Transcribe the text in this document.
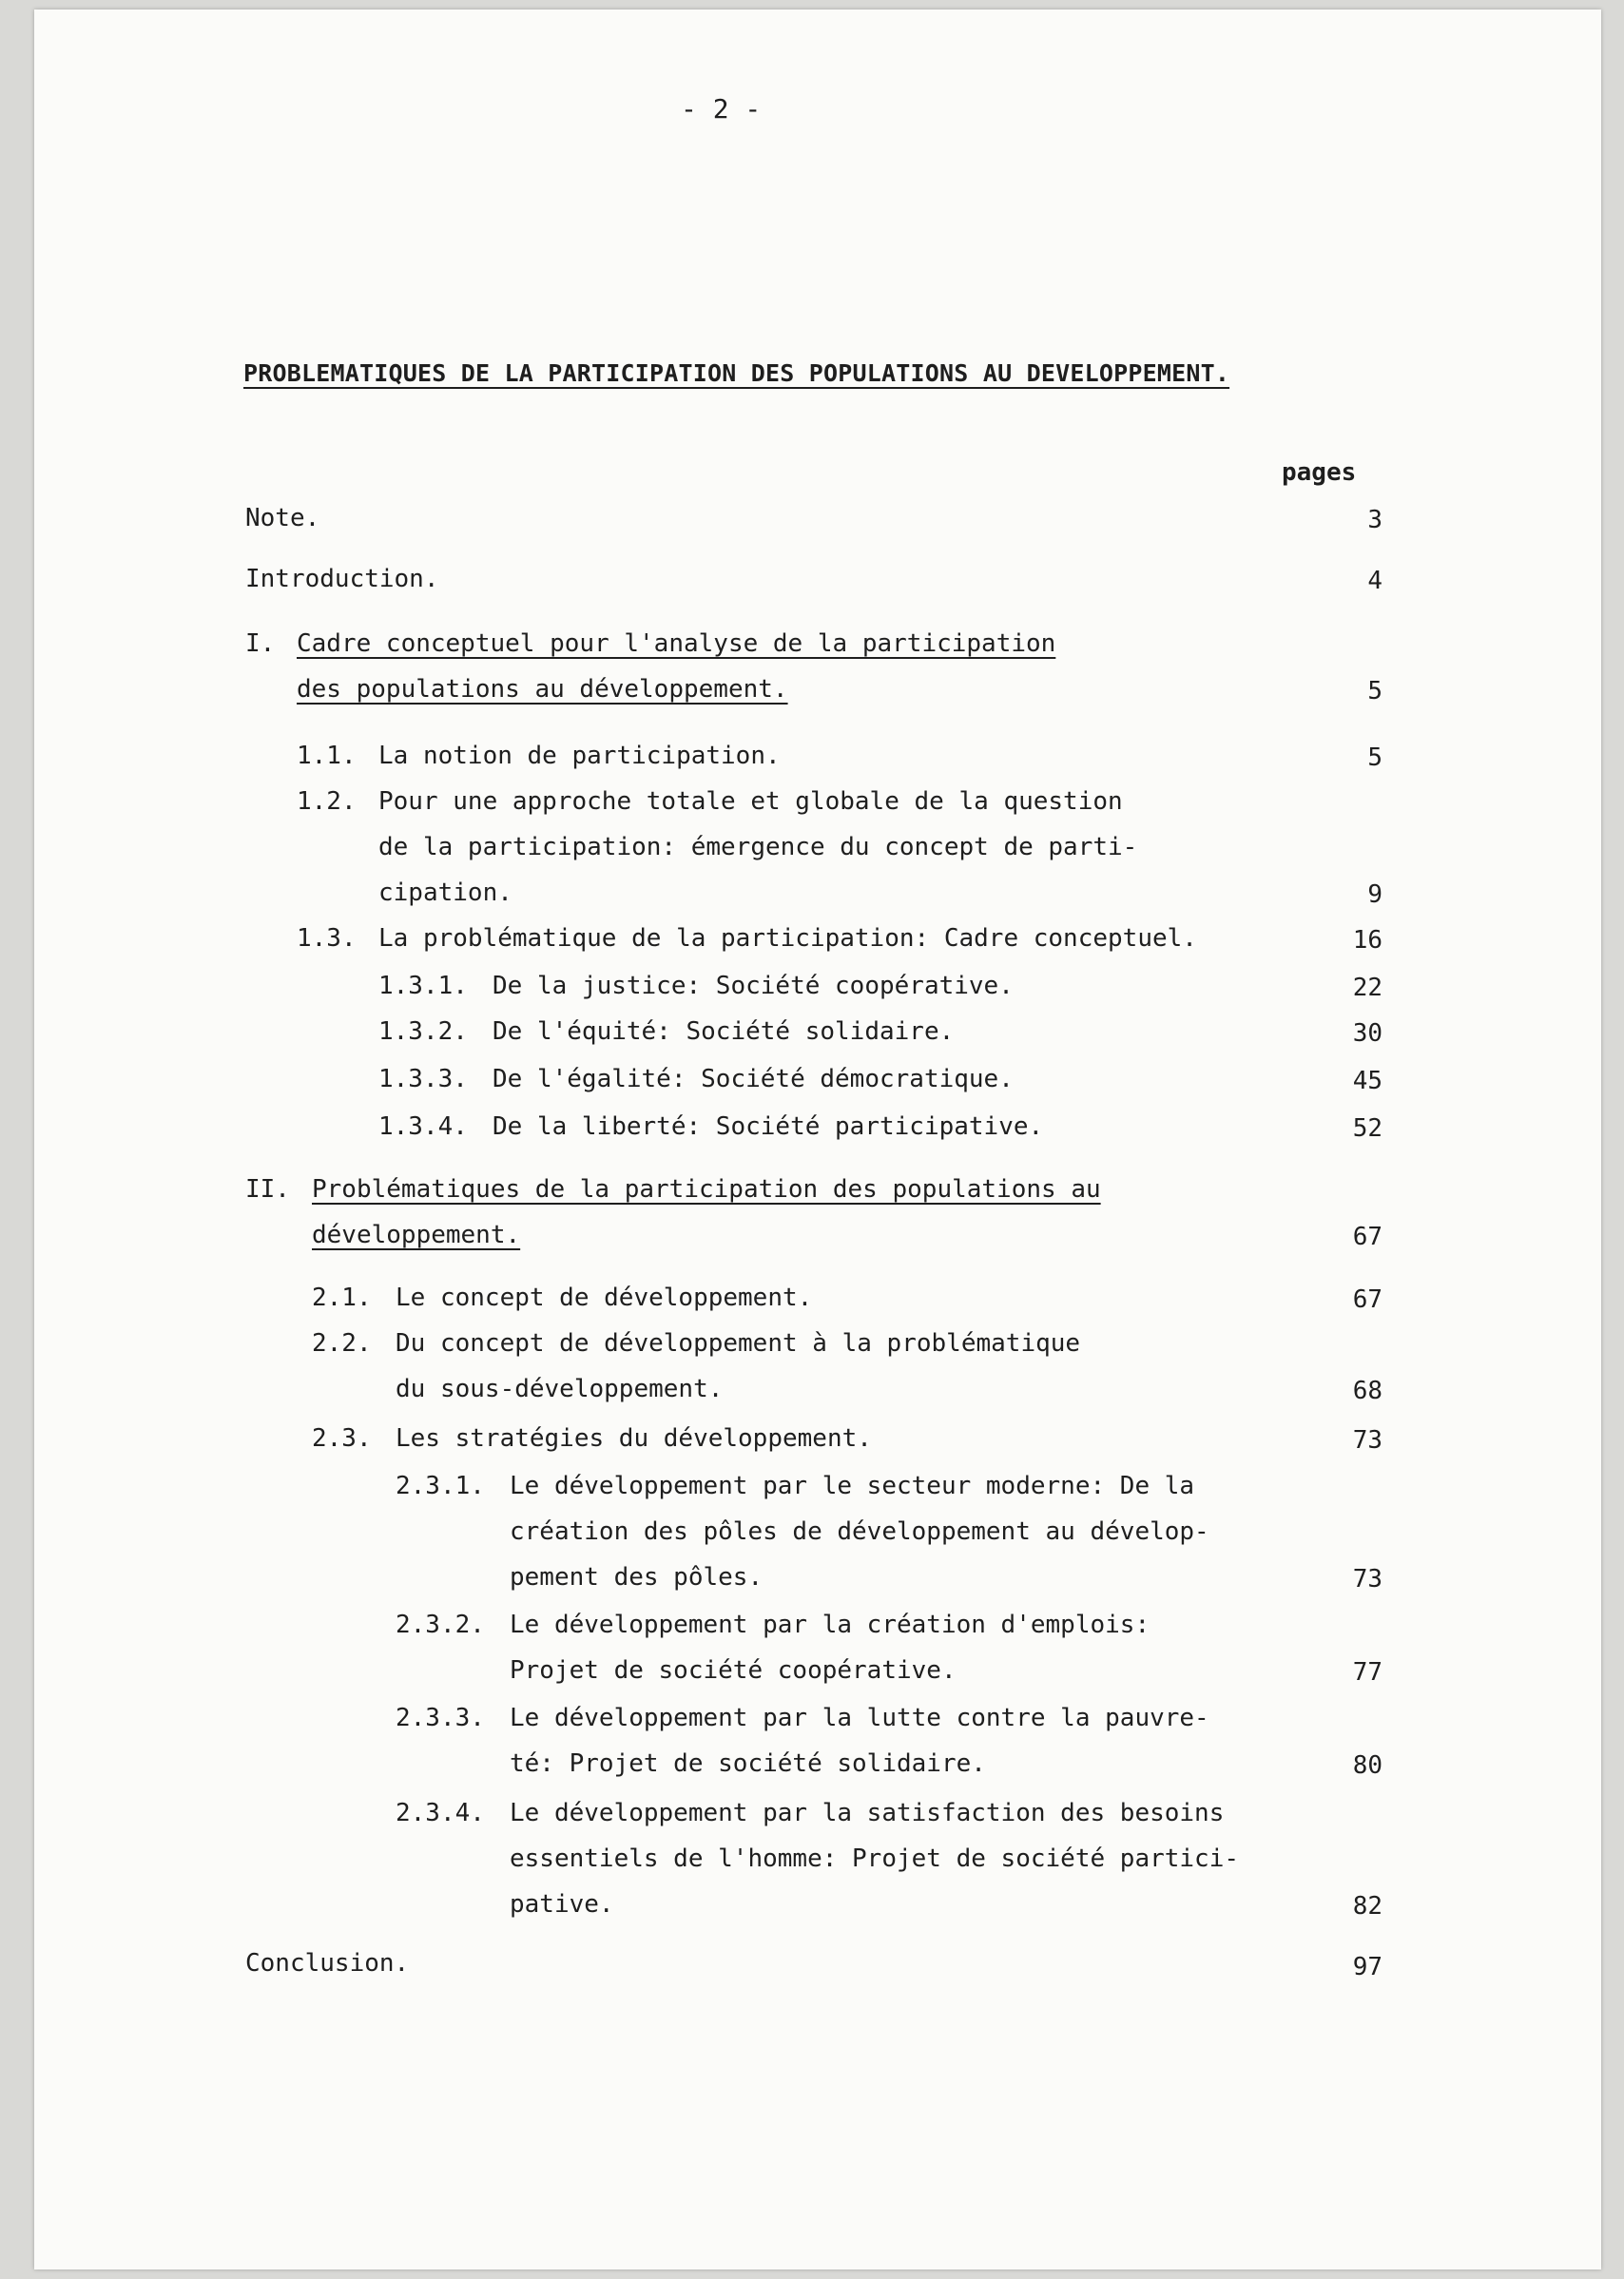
- 2 -
PROBLEMATIQUES DE LA PARTICIPATION DES POPULATIONS AU DEVELOPPEMENT.
pages
Note.	3
Introduction.	4
I. Cadre conceptuel pour l'analyse de la participation
des populations au développement.	5
1.1. La notion de participation.	5
1.2. Pour une approche totale et globale de la question
de la participation: émergence du concept de parti-
cipation.	9
1.3. La problématique de la participation: Cadre conceptuel.	16
1.3.1. De la justice: Société coopérative.	22
1.3.2. De l'équité: Société solidaire.	30
1.3.3. De l'égalité: Société démocratique.	45
1.3.4. De la liberté: Société participative.	52
II. Problématiques de la participation des populations au
développement.	67
2.1. Le concept de développement.	67
2.2. Du concept de développement à la problématique
du sous-développement.	68
2.3. Les stratégies du développement.	73
2.3.1. Le développement par le secteur moderne: De la
création des pôles de développement au dévelop-
pement des pôles.	73
2.3.2. Le développement par la création d'emplois:
Projet de société coopérative.	77
2.3.3. Le développement par la lutte contre la pauvre-
té: Projet de société solidaire.	80
2.3.4. Le développement par la satisfaction des besoins
essentiels de l'homme: Projet de société partici-
pative.	82
Conclusion.	97
